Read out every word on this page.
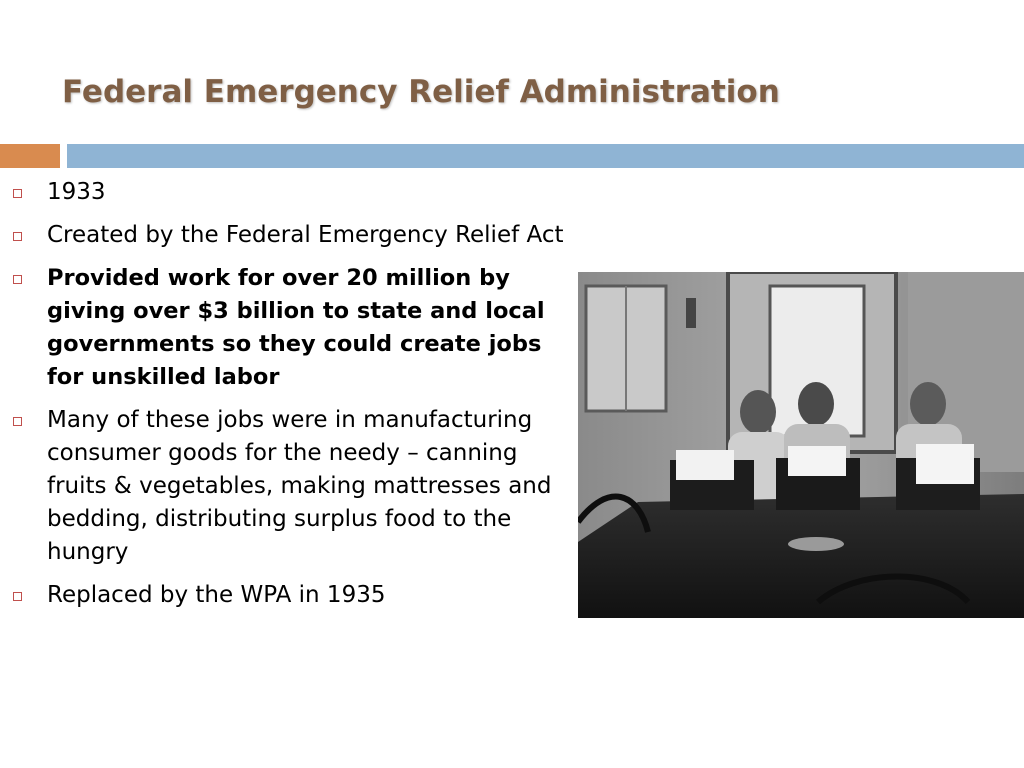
Federal Emergency Relief Administration
1933
Created by the Federal Emergency Relief Act
Provided work for over 20 million by giving over $3 billion to state and local governments so they could create jobs for unskilled labor
Many of these jobs were in manufacturing consumer goods for the needy – canning fruits & vegetables, making mattresses and bedding, distributing surplus food to the hungry
Replaced by the WPA in 1935
